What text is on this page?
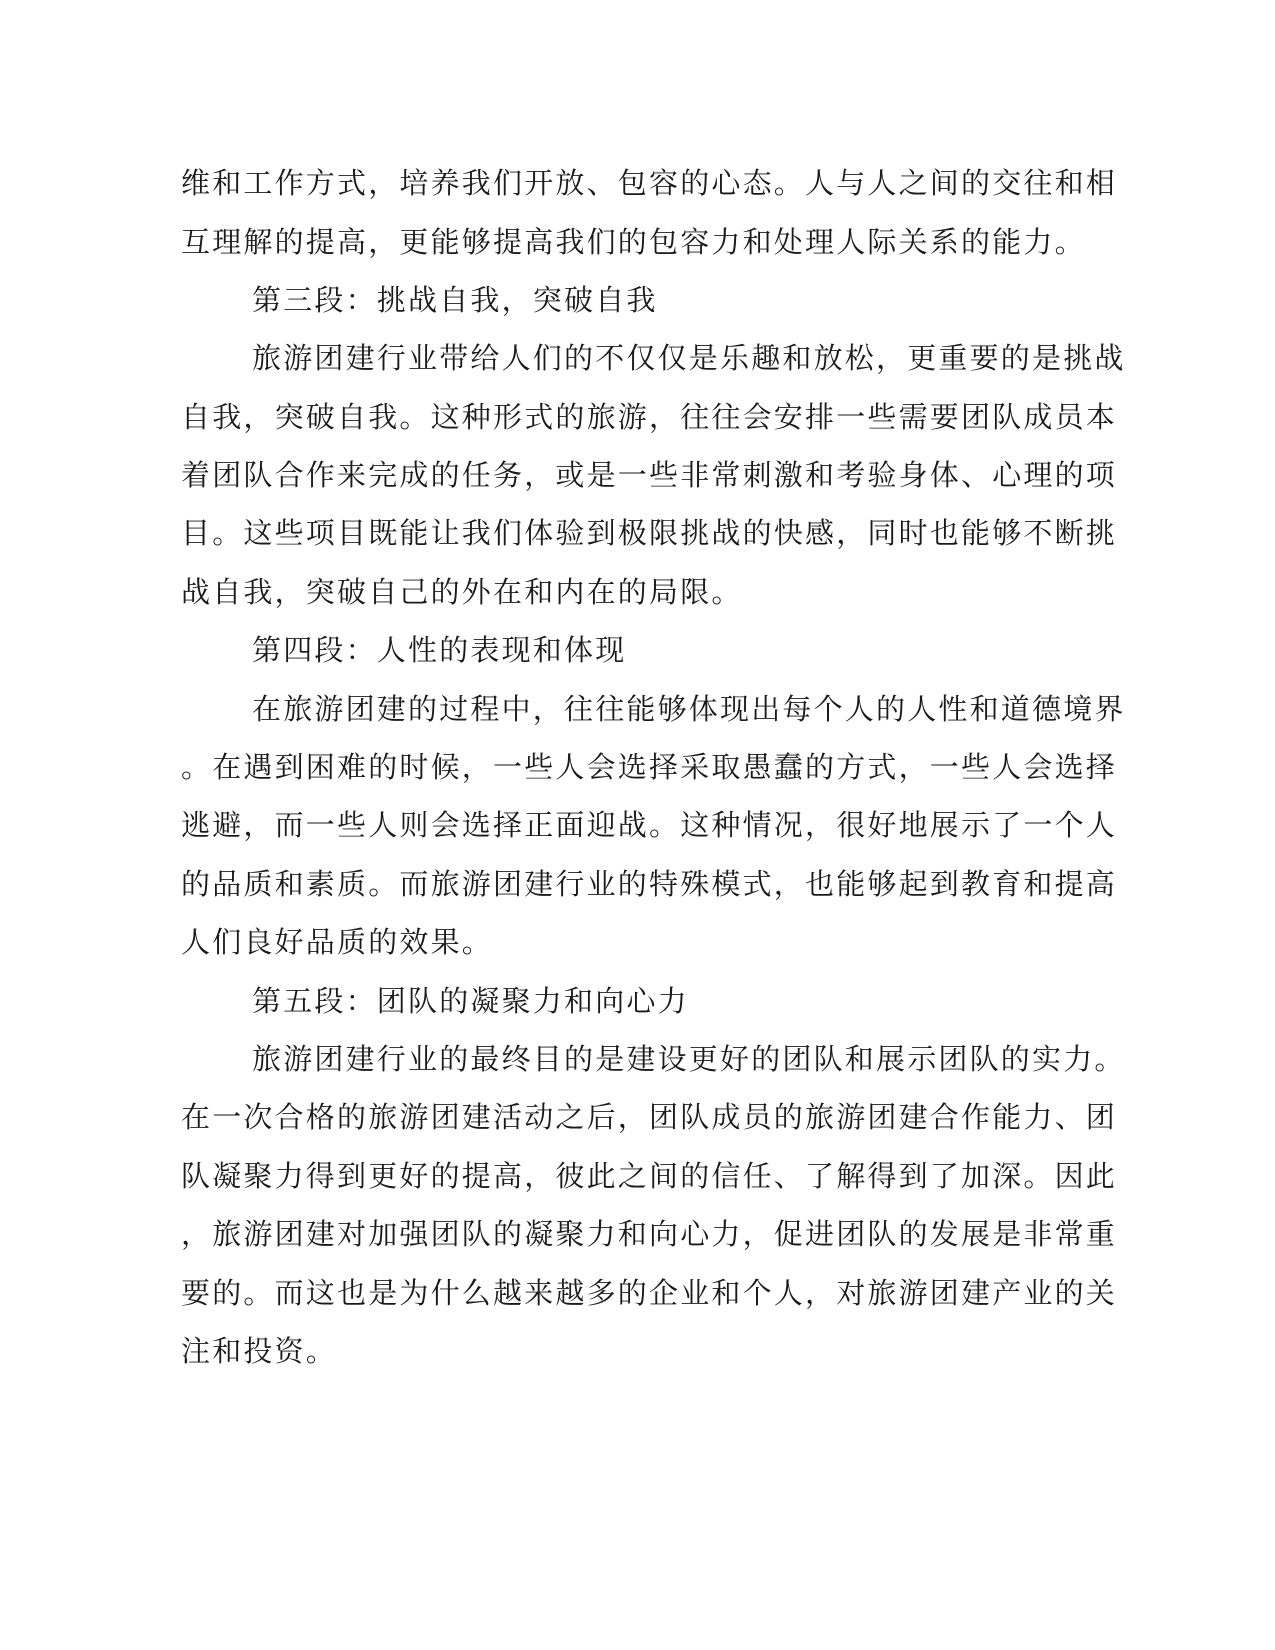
维和工作方式，培养我们开放、包容的心态。人与人之间的交往和相
互理解的提高，更能够提高我们的包容力和处理人际关系的能力。
第三段：挑战自我，突破自我
旅游团建行业带给人们的不仅仅是乐趣和放松，更重要的是挑战
自我，突破自我。这种形式的旅游，往往会安排一些需要团队成员本
着团队合作来完成的任务，或是一些非常刺激和考验身体、心理的项
目。这些项目既能让我们体验到极限挑战的快感，同时也能够不断挑
战自我，突破自己的外在和内在的局限。
第四段：人性的表现和体现
在旅游团建的过程中，往往能够体现出每个人的人性和道德境界
。在遇到困难的时候，一些人会选择采取愚蠢的方式，一些人会选择
逃避，而一些人则会选择正面迎战。这种情况，很好地展示了一个人
的品质和素质。而旅游团建行业的特殊模式，也能够起到教育和提高
人们良好品质的效果。
第五段：团队的凝聚力和向心力
旅游团建行业的最终目的是建设更好的团队和展示团队的实力。
在一次合格的旅游团建活动之后，团队成员的旅游团建合作能力、团
队凝聚力得到更好的提高，彼此之间的信任、了解得到了加深。因此
，旅游团建对加强团队的凝聚力和向心力，促进团队的发展是非常重
要的。而这也是为什么越来越多的企业和个人，对旅游团建产业的关
注和投资。
